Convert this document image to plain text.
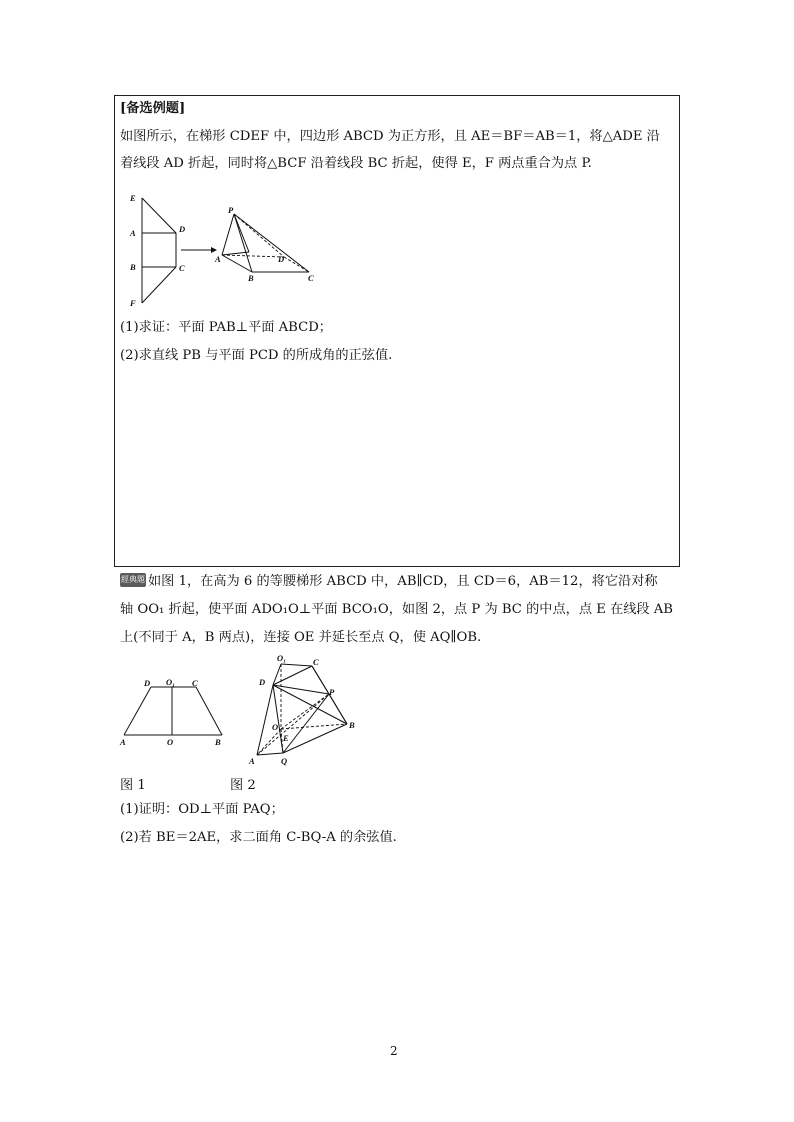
[备选例题]
如图所示，在梯形 CDEF 中，四边形 ABCD 为正方形，且 AE＝BF＝AB＝1，将△ADE 沿
着线段 AD 折起，同时将△BCF 沿着线段 BC 折起，使得 E，F 两点重合为点 P.
E
A
B
F
D
C
P
A
B
D
C
(1)求证：平面 PAB⊥平面 ABCD；
(2)求直线 PB 与平面 PCD 的所成角的正弦值.
經典題 如图 1，在高为 6 的等腰梯形 ABCD 中，AB∥CD，且 CD＝6，AB＝12，将它沿对称
轴 OO₁ 折起，使平面 ADO₁O⊥平面 BCO₁O，如图 2，点 P 为 BC 的中点，点 E 在线段 AB
上(不同于 A，B 两点)，连接 OE 并延长至点 Q，使 AQ∥OB.
D O₁ C
A	O	B
O₁	C
D
P
O
E
B
A	Q
图 1	图 2
(1)证明：OD⊥平面 PAQ；
(2)若 BE＝2AE，求二面角 C-BQ-A 的余弦值.
2
